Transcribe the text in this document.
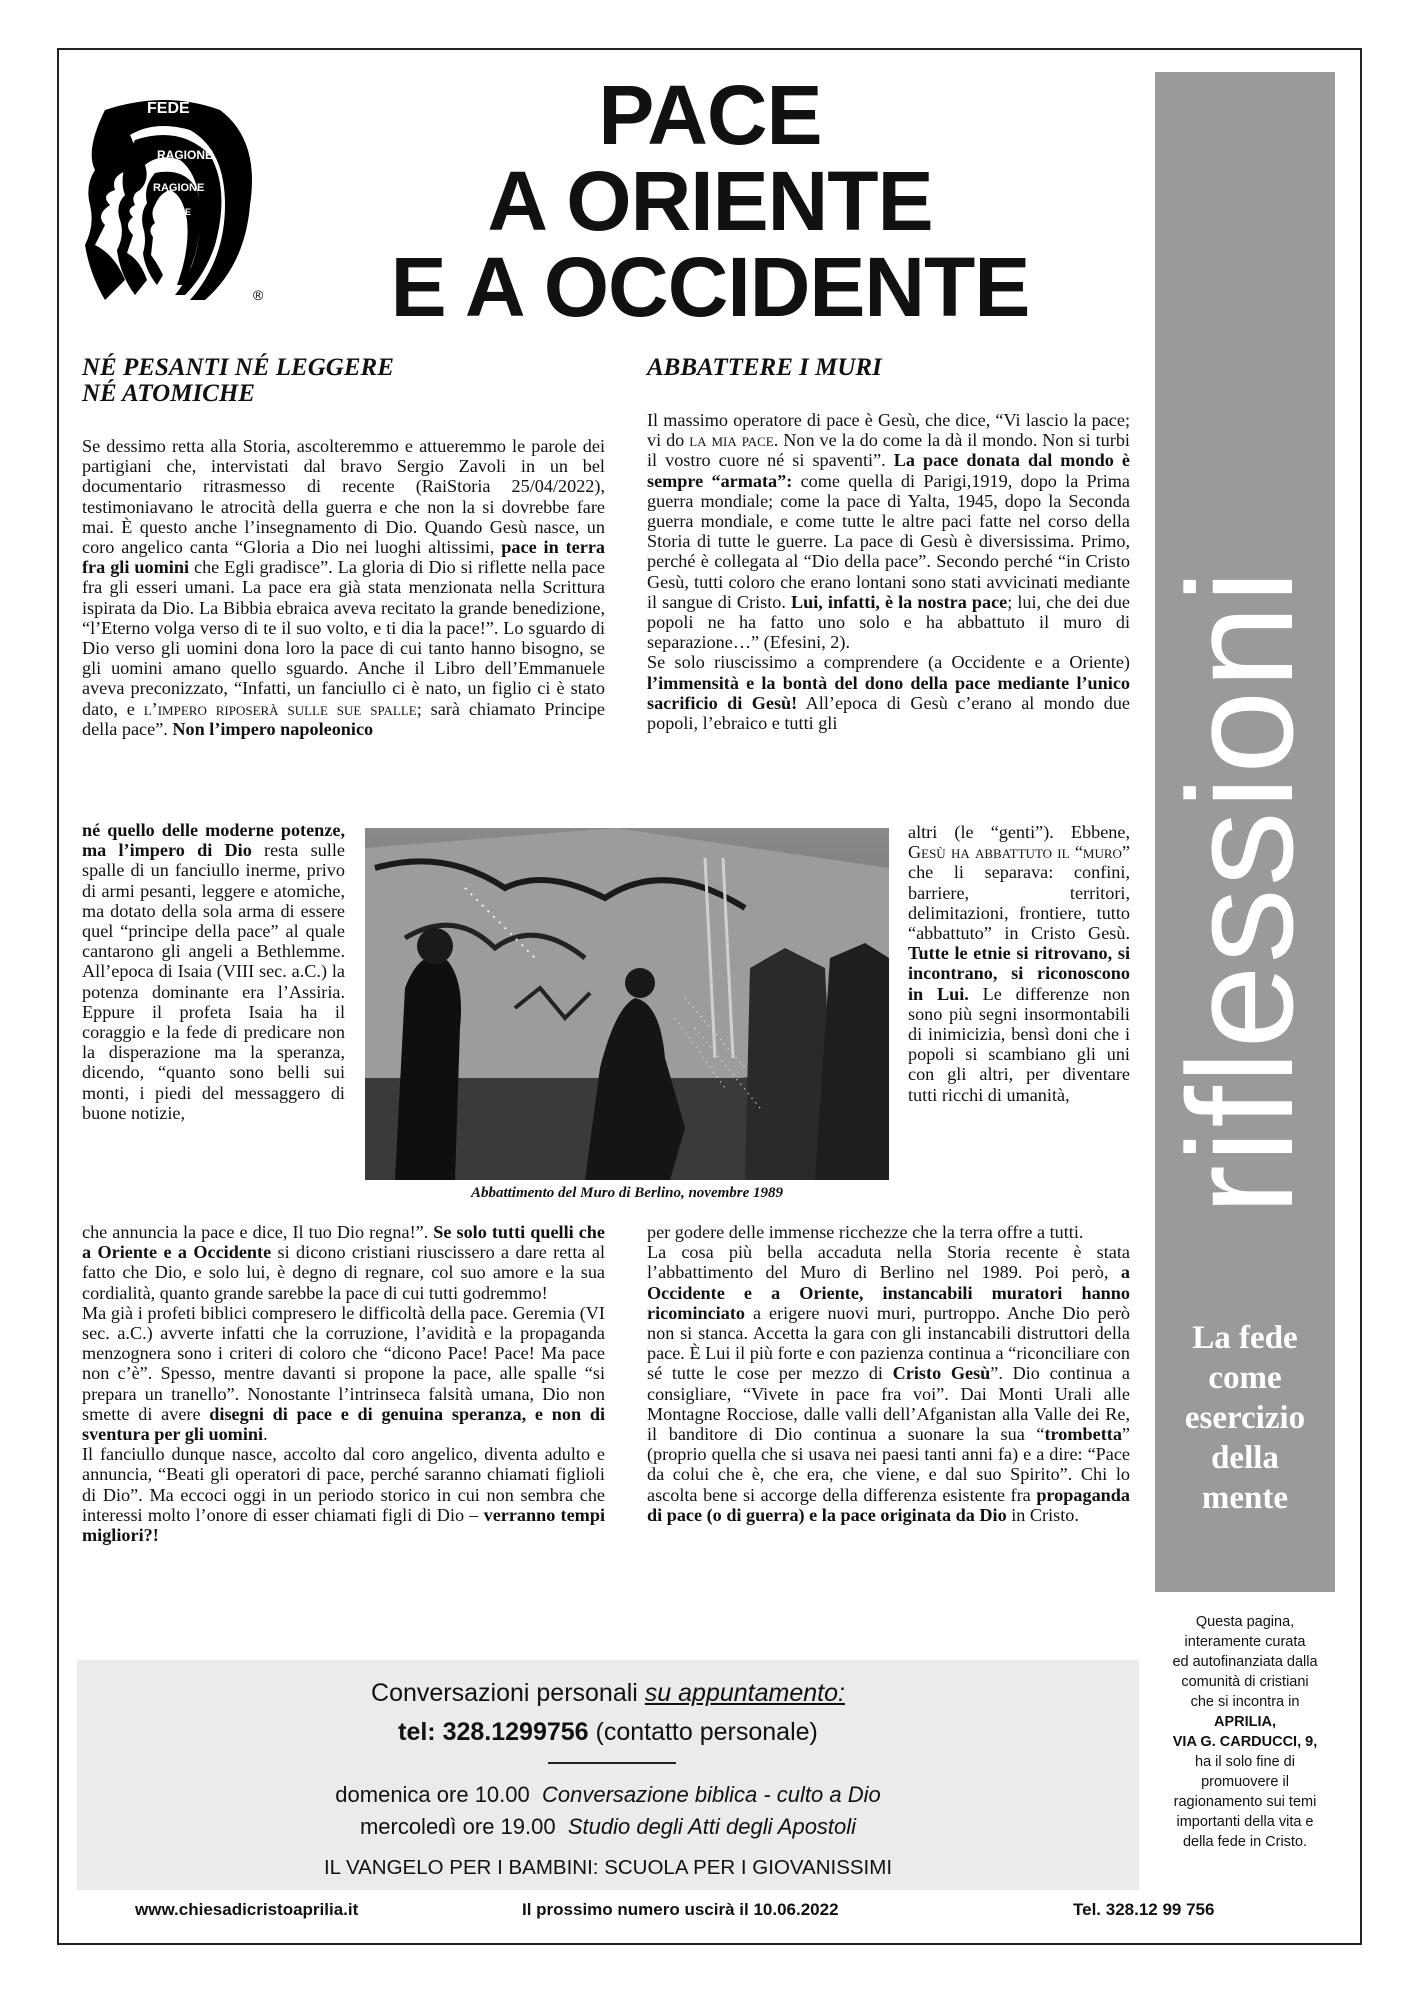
FEDE
RAGIONE
RAGIONE
FEDE
®
PACE
A ORIENTE
E A OCCIDENTE
riflessioni
La fede
come
esercizio
della
mente
Questa pagina,
interamente curata
ed autofinanziata dalla
comunità di cristiani
che si incontra in
APRILIA,
VIA G. CARDUCCI, 9,
ha il solo fine di
promuovere il
ragionamento sui temi
importanti della vita e
della fede in Cristo.
NÉ PESANTI NÉ LEGGERE
NÉ ATOMICHE

Se dessimo retta alla Storia, ascolteremmo e attueremmo le parole dei partigiani che, intervistati dal bravo Sergio Zavoli in un bel documentario ritrasmesso di recente (RaiStoria 25/04/2022), testimoniavano le atrocità della guerra e che non la si dovrebbe fare mai. È questo anche l’insegnamento di Dio. Quando Gesù nasce, un coro angelico canta “Gloria a Dio nei luoghi altissimi, pace in terra fra gli uomini che Egli gradisce”. La gloria di Dio si riflette nella pace fra gli esseri umani. La pace era già stata menzionata nella Scrittura ispirata da Dio. La Bibbia ebraica aveva recitato la grande benedizione, “l’Eterno volga verso di te il suo volto, e ti dia la pace!”. Lo sguardo di Dio verso gli uomini dona loro la pace di cui tanto hanno bisogno, se gli uomini amano quello sguardo. Anche il Libro dell’Emmanuele aveva preconizzato, “Infatti, un fanciullo ci è nato, un figlio ci è stato dato, e l’impero riposerà sulle sue spalle; sarà chiamato Principe della pace”. Non l’impero napoleonico

né quello delle moderne potenze, ma l’impero di Dio resta sulle spalle di un fanciullo inerme, privo di armi pesanti, leggere e atomiche, ma dotato della sola arma di essere quel “principe della pace” al quale cantarono gli angeli a Bethlemme. All’epoca di Isaia (VIII sec. a.C.) la potenza dominante era l’Assiria. Eppure il profeta Isaia ha il coraggio e la fede di predicare non la disperazione ma la speranza, dicendo, “quanto sono belli sui monti, i piedi del messaggero di buone notizie,

che annuncia la pace e dice, Il tuo Dio regna!”. Se solo tutti quelli che a Oriente e a Occidente si dicono cristiani riuscissero a dare retta al fatto che Dio, e solo lui, è degno di regnare, col suo amore e la sua cordialità, quanto grande sarebbe la pace di cui tutti godremmo!

Ma già i profeti biblici compresero le difficoltà della pace. Geremia (VI sec. a.C.) avverte infatti che la corruzione, l’avidità e la propaganda menzognera sono i criteri di coloro che “dicono Pace! Pace! Ma pace non c’è”. Spesso, mentre davanti si propone la pace, alle spalle “si prepara un tranello”. Nonostante l’intrinseca falsità umana, Dio non smette di avere disegni di pace e di genuina speranza, e non di sventura per gli uomini.

Il fanciullo dunque nasce, accolto dal coro angelico, diventa adulto e annuncia, “Beati gli operatori di pace, perché saranno chiamati figlioli di Dio”. Ma eccoci oggi in un periodo storico in cui non sembra che interessi molto l’onore di esser chiamati figli di Dio – verranno tempi migliori?!

ABBATTERE I MURI

Il massimo operatore di pace è Gesù, che dice, “Vi lascio la pace; vi do la mia pace. Non ve la do come la dà il mondo. Non si turbi il vostro cuore né si spaventi”. La pace donata dal mondo è sempre “armata”: come quella di Parigi,1919, dopo la Prima guerra mondiale; come la pace di Yalta, 1945, dopo la Seconda guerra mondiale, e come tutte le altre paci fatte nel corso della Storia di tutte le guerre. La pace di Gesù è diversissima. Primo, perché è collegata al “Dio della pace”. Secondo perché “in Cristo Gesù, tutti coloro che erano lontani sono stati avvicinati mediante il sangue di Cristo. Lui, infatti, è la nostra pace; lui, che dei due popoli ne ha fatto uno solo e ha abbattuto il muro di separazione…” (Efesini, 2).

Se solo riuscissimo a comprendere (a Occidente e a Oriente) l’immensità e la bontà del dono della pace mediante l’unico sacrificio di Gesù! All’epoca di Gesù c’erano al mondo due popoli, l’ebraico e tutti gli

altri (le “genti”). Ebbene, Gesù ha abbattuto il “muro” che li separava: confini, barriere, territori, delimitazioni, frontiere, tutto “abbattuto” in Cristo Gesù. Tutte le etnie si ritrovano, si incontrano, si riconoscono in Lui. Le differenze non sono più segni insormontabili di inimicizia, bensì doni che i popoli si scambiano gli uni con gli altri, per diventare tutti ricchi di umanità,

per godere delle immense ricchezze che la terra offre a tutti.

La cosa più bella accaduta nella Storia recente è stata l’abbattimento del Muro di Berlino nel 1989. Poi però, a Occidente e a Oriente, instancabili muratori hanno ricominciato a erigere nuovi muri, purtroppo. Anche Dio però non si stanca. Accetta la gara con gli instancabili distruttori della pace. È Lui il più forte e con pazienza continua a “riconciliare con sé tutte le cose per mezzo di Cristo Gesù”. Dio continua a consigliare, “Vivete in pace fra voi”. Dai Monti Urali alle Montagne Rocciose, dalle valli dell’Afganistan alla Valle dei Re, il banditore di Dio continua a suonare la sua “trombetta” (proprio quella che si usava nei paesi tanti anni fa) e a dire: “Pace da colui che è, che era, che viene, e dal suo Spirito”. Chi lo ascolta bene si accorge della differenza esistente fra propaganda di pace (o di guerra) e la pace originata da Dio in Cristo.

Abbattimento del Muro di Berlino, novembre 1989
Conversazioni personali su appuntamento:
tel: 328.1299756 (contatto personale)
domenica ore 10.00 Conversazione biblica - culto a Dio
mercoledì ore 19.00 Studio degli Atti degli Apostoli
IL VANGELO PER I BAMBINI: SCUOLA PER I GIOVANISSIMI
www.chiesadicristoaprilia.it	Il prossimo numero uscirà il 10.06.2022	Tel. 328.12 99 756
